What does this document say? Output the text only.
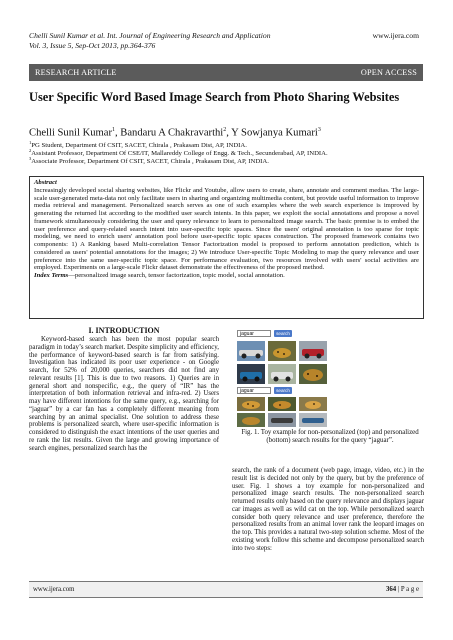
Chelli Sunil Kumar et al. Int. Journal of Engineering Research and Application
Vol. 3, Issue 5, Sep-Oct 2013, pp.364-376
www.ijera.com
RESEARCH ARTICLE	OPEN ACCESS
User Specific Word Based Image Search from Photo Sharing Websites
Chelli Sunil Kumar$^1$, Bandaru A Chakravarthi$^2$, Y Sowjanya Kumari$^3$
$^1$PG Student, Department Of CSIT, SACET, Chirala , Prakasam Dist, AP, INDIA.
$^2$Assistant Professor, Department Of CSE/IT, Mallareddy College of Engg. & Tech., Secunderabad, AP, INDIA.
$^3$Associate Professor, Department Of CSIT, SACET, Chirala , Prakasam Dist, AP, INDIA.
Abstract
Increasingly developed social sharing websites, like Flickr and Youtube, allow users to create, share, annotate and comment medias. The large-scale user-generated meta-data not only facilitate users in sharing and organizing multimedia content, but provide useful information to improve media retrieval and management. Personalized search serves as one of such examples where the web search experience is improved by generating the returned list according to the modified user search intents. In this paper, we exploit the social annotations and propose a novel framework simultaneously considering the user and query relevance to learn to personalized image search. The basic premise is to embed the user preference and query-related search intent into user-specific topic spaces. Since the users' original annotation is too sparse for topic modeling, we need to enrich users' annotation pool before user-specific topic spaces construction. The proposed framework contains two components: 1) A Ranking based Multi-correlation Tensor Factorization model is proposed to perform annotation prediction, which is considered as users' potential annotations for the images; 2) We introduce User-specific Topic Modeling to map the query relevance and user preference into the same user-specific topic space. For performance evaluation, two resources involved with users' social activities are employed. Experiments on a large-scale Flickr dataset demonstrate the effectiveness of the proposed method.
Index Terms—personalized image search, tensor factorization, topic model, social annotation.
I. INTRODUCTION

Keyword-based search has been the most popular search paradigm in today’s search market. Despite simplicity and efficiency, the performance of keyword-based search is far from satisfying. Investigation has indicated its poor user experience - on Google search, for 52% of 20,000 queries, searchers did not find any relevant results [1]. This is due to two reasons. 1) Queries are in general short and nonspecific, e.g., the query of “IR” has the interpretation of both information retrieval and infra-red. 2) Users may have different intentions for the same query, e.g., searching for “jaguar” by a car fan has a completely different meaning from searching by an animal specialist. One solution to address these problems is personalized search, where user-specific information is considered to distinguish the exact intentions of the user queries and re rank the list results. Given the large and growing importance of search engines, personalized search has the

jaguar	search
jaguar	search
Fig. 1. Toy example for non-personalized (top) and personalized (bottom) search results for the query “jaguar”.

search, the rank of a document (web page, image, video, etc.) in the result list is decided not only by the query, but by the preference of user. Fig. 1 shows a toy example for non-personalized and personalized image search results. The non-personalized search returned results only based on the query relevance and displays jaguar car images as well as wild cat on the top. While personalized search consider both query relevance and user preference, therefore the personalized results from an animal lover rank the leopard images on the top. This provides a natural two-step solution scheme. Most of the existing work follow this scheme and decompose personalized search into two steps:

www.ijera.com	364 | P a g e
